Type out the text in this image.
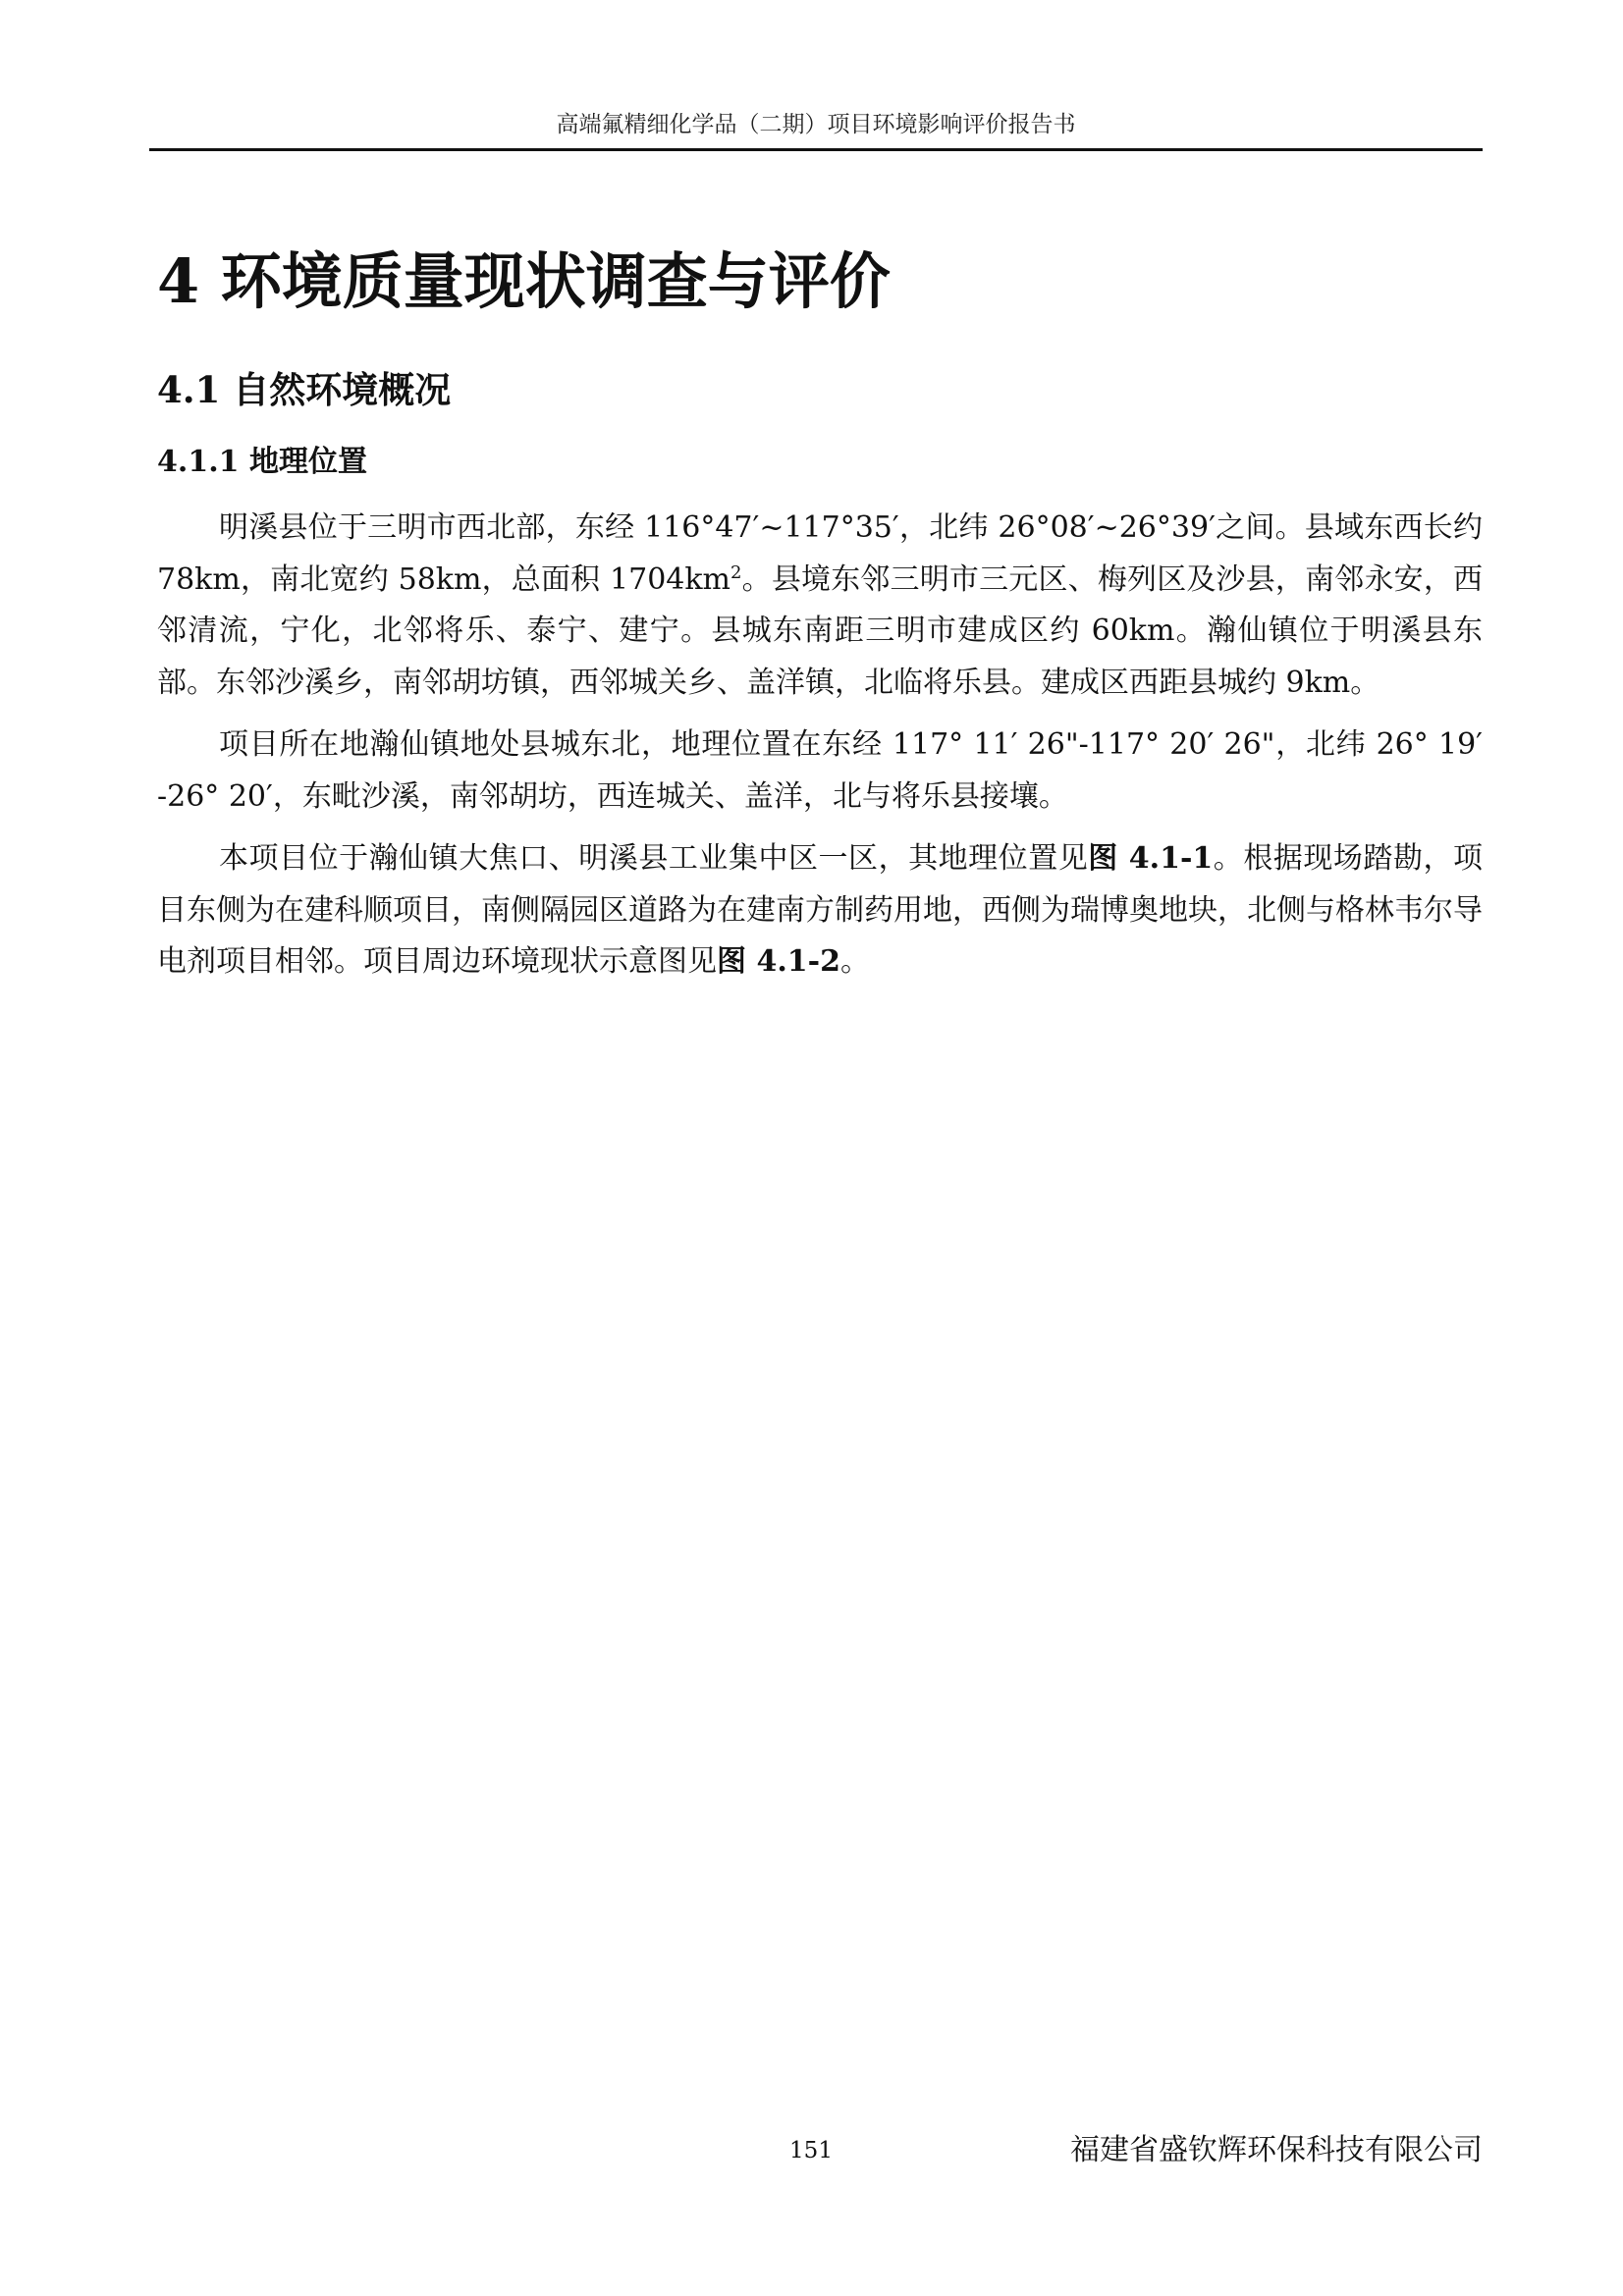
高端氟精细化学品（二期）项目环境影响评价报告书
4 环境质量现状调查与评价
4.1 自然环境概况
4.1.1 地理位置

明溪县位于三明市西北部，东经 116°47′~117°35′，北纬 26°08′~26°39′之间。县域东西长约 78km，南北宽约 58km，总面积 $1704km^2$。县境东邻三明市三元区、梅列区及沙县，南邻永安，西邻清流，宁化，北邻将乐、泰宁、建宁。县城东南距三明市建成区约 60km。瀚仙镇位于明溪县东部。东邻沙溪乡，南邻胡坊镇，西邻城关乡、盖洋镇，北临将乐县。建成区西距县城约 9km。

项目所在地瀚仙镇地处县城东北，地理位置在东经 117° 11′ 26"-117° 20′ 26"，北纬 26° 19′ -26° 20′，东毗沙溪，南邻胡坊，西连城关、盖洋，北与将乐县接壤。

本项目位于瀚仙镇大焦口、明溪县工业集中区一区，其地理位置见图 4.1-1。根据现场踏勘，项目东侧为在建科顺项目，南侧隔园区道路为在建南方制药用地，西侧为瑞博奥地块，北侧与格林韦尔导电剂项目相邻。项目周边环境现状示意图见图 4.1-2。

151	福建省盛钦辉环保科技有限公司
